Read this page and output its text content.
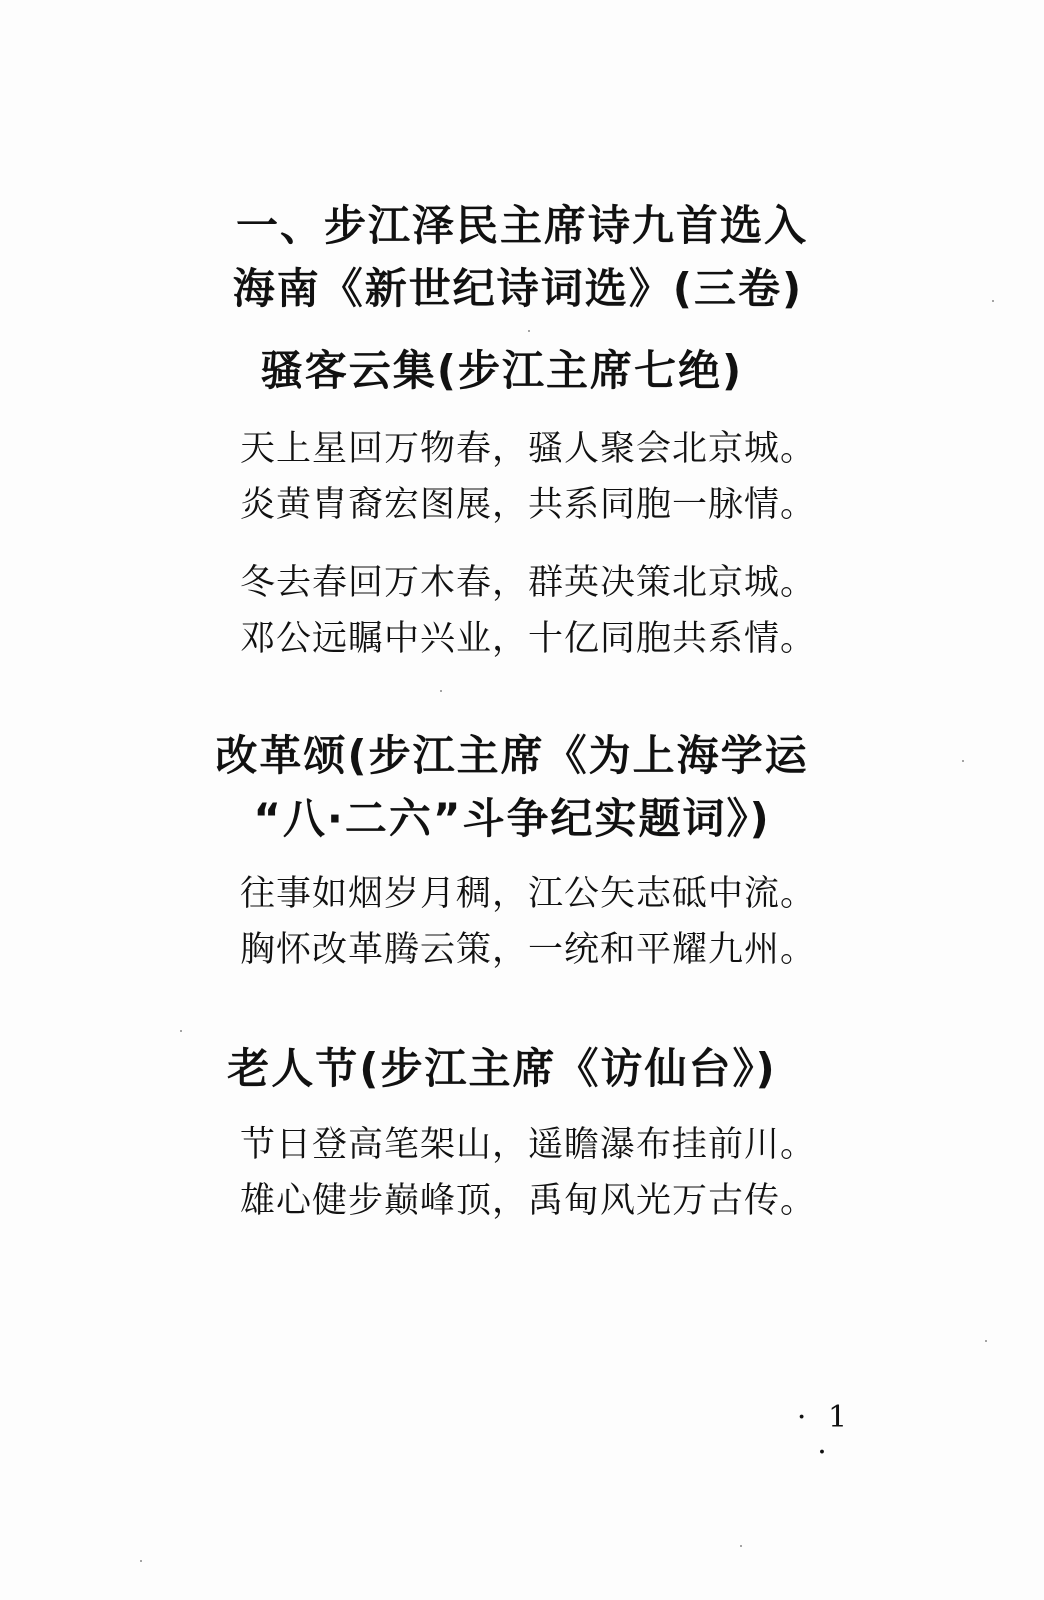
一、步江泽民主席诗九首选入
海南《新世纪诗词选》(三卷)
骚客云集(步江主席七绝)
天上星回万物春，骚人聚会北京城。
炎黄胄裔宏图展，共系同胞一脉情。
冬去春回万木春，群英决策北京城。
邓公远瞩中兴业，十亿同胞共系情。
改革颂(步江主席《为上海学运
“八·二六”斗争纪实题词》)
往事如烟岁月稠，江公矢志砥中流。
胸怀改革腾云策，一统和平耀九州。
老人节(步江主席《访仙台》)
节日登高笔架山，遥瞻瀑布挂前川。
雄心健步巅峰顶，禹甸风光万古传。
· 1 ·
